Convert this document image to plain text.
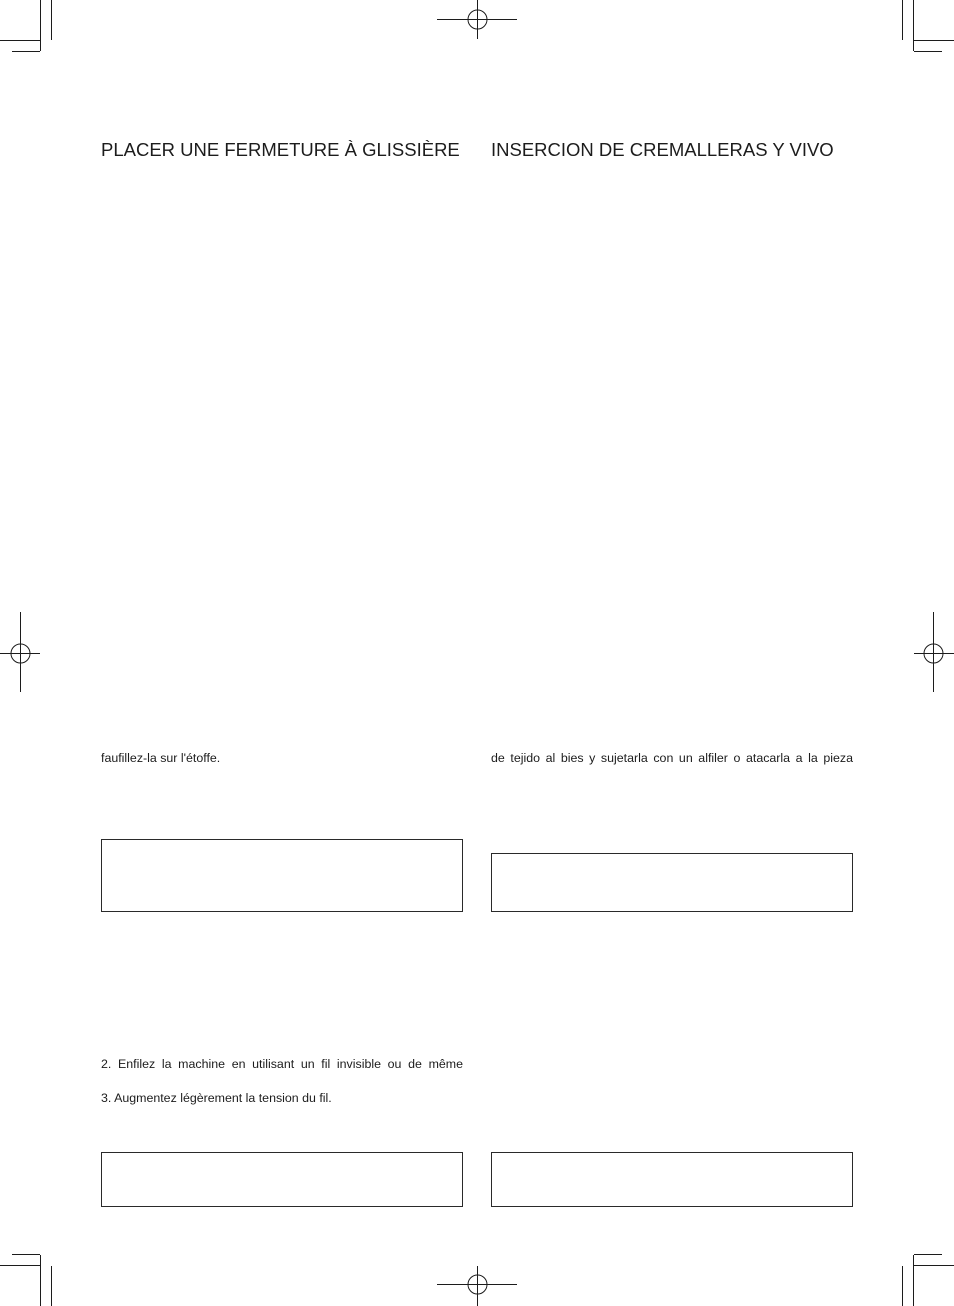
PLACER UNE FERMETURE À GLISSIÈRE INSERCION DE CREMALLERAS Y VIVO

faufillez-la sur l'étoffe.

2. Enfilez la machine en utilisant un fil invisible ou de même

3. Augmentez légèrement la tension du fil.

de tejido al bies y sujetarla con un alfiler o atacarla a la pieza
